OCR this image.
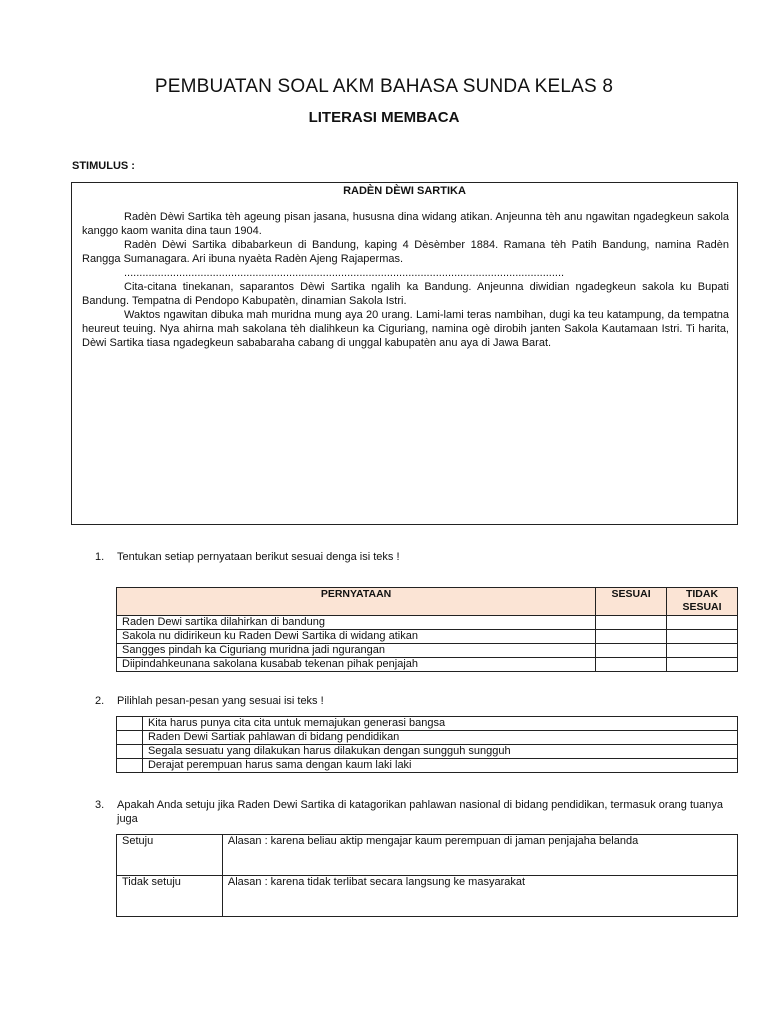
PEMBUATAN SOAL AKM BAHASA SUNDA KELAS 8
LITERASI MEMBACA
STIMULUS :
RADÈN DÈWI SARTIKA

Radèn Dèwi Sartika tèh ageung pisan jasana, hususna dina widang atikan. Anjeunna tèh anu ngawitan ngadegkeun sakola kanggo kaom wanita dina taun 1904.

Radèn Dèwi Sartika dibabarkeun di Bandung, kaping 4 Dèsèmber 1884. Ramana tèh Patih Bandung, namina Radèn Rangga Sumanagara. Ari ibuna nyaèta Radèn Ajeng Rajapermas.

................................................................................................................................................

Cita-citana tinekanan, saparantos Dèwi Sartika ngalih ka Bandung. Anjeunna diwidian ngadegkeun sakola ku Bupati Bandung. Tempatna di Pendopo Kabupatèn, dinamian Sakola Istri.

Waktos ngawitan dibuka mah muridna mung aya 20 urang. Lami-lami teras nambihan, dugi ka teu katampung, da tempatna heureut teuing. Nya ahirna mah sakolana tèh dialihkeun ka Ciguriang, namina ogè dirobih janten Sakola Kautamaan Istri. Ti harita, Dèwi Sartika tiasa ngadegkeun sababaraha cabang di unggal kabupatèn anu aya di Jawa Barat.

1.	Tentukan setiap pernyataan berikut sesuai denga isi teks !
PERNYATAAN	SESUAI	TIDAK SESUAI
Raden Dewi sartika dilahirkan di bandung		
Sakola nu didirikeun ku Raden Dewi Sartika di widang atikan		
Sangges pindah ka Ciguriang muridna jadi ngurangan		
Diipindahkeunana sakolana kusabab tekenan pihak penjajah		
2.	Pilihlah pesan-pesan yang sesuai isi teks !
	Kita harus punya cita cita untuk memajukan generasi bangsa
	Raden Dewi Sartiak pahlawan di bidang pendidikan
	Segala sesuatu yang dilakukan harus dilakukan dengan sungguh sungguh
	Derajat perempuan harus sama dengan kaum laki laki
3.	Apakah Anda setuju jika Raden Dewi Sartika di katagorikan pahlawan nasional di bidang pendidikan, termasuk orang tuanya juga
Setuju	Alasan : karena beliau aktip mengajar kaum perempuan di jaman penjajaha belanda
Tidak setuju	Alasan : karena tidak terlibat secara langsung ke masyarakat
